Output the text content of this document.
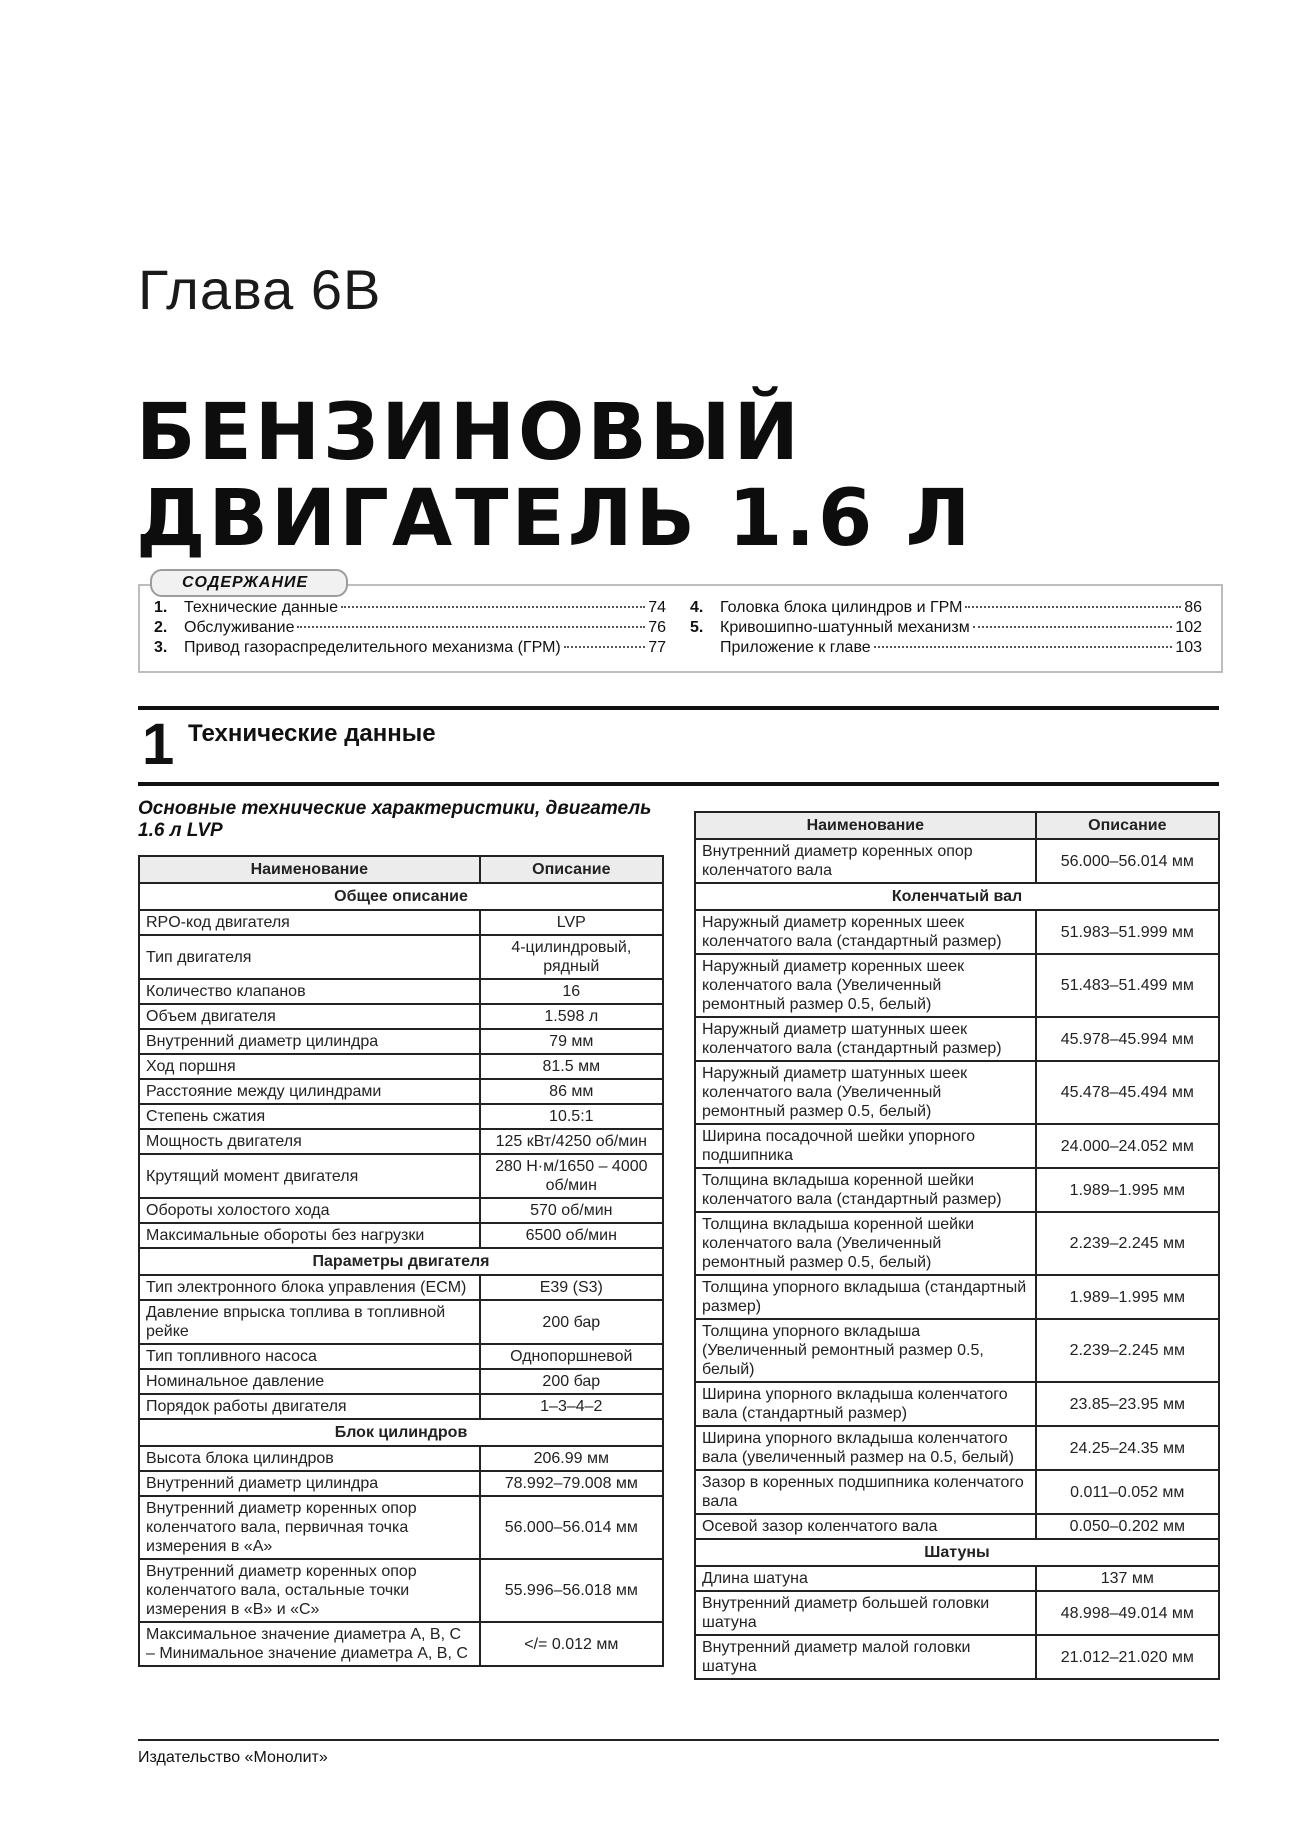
Глава 6В
БЕНЗИНОВЫЙ
ДВИГАТЕЛЬ 1.6 Л
СОДЕРЖАНИЕ
1.	Технические данные	74
2.	Обслуживание	76
3.	Привод газораспределительного механизма (ГРМ)	77
4.	Головка блока цилиндров и ГРМ	86
5.	Кривошипно-шатунный механизм	102
Приложение к главе	103
1 Технические данные
Основные технические характеристики, двигатель 1.6 л LVP
Наименование	Описание
Общее описание	
RPO-код двигателя	LVP
Тип двигателя	4-цилиндровый, рядный
Количество клапанов	16
Объем двигателя	1.598 л
Внутренний диаметр цилиндра	79 мм
Ход поршня	81.5 мм
Расстояние между цилиндрами	86 мм
Степень сжатия	10.5:1
Мощность двигателя	125 кВт/4250 об/мин
Крутящий момент двигателя	280 Н·м/1650 – 4000 об/мин
Обороты холостого хода	570 об/мин
Максимальные обороты без нагрузки	6500 об/мин
Параметры двигателя	
Тип электронного блока управления (ECM)	E39 (S3)
Давление впрыска топлива в топливной рейке	200 бар
Тип топливного насоса	Однопоршневой
Номинальное давление	200 бар
Порядок работы двигателя	1–3–4–2
Блок цилиндров	
Высота блока цилиндров	206.99 мм
Внутренний диаметр цилиндра	78.992–79.008 мм
Внутренний диаметр коренных опор коленчатого вала, первичная точка измерения в «А»	56.000–56.014 мм
Внутренний диаметр коренных опор коленчатого вала, остальные точки измерения в «В» и «С»	55.996–56.018 мм
Максимальное значение диаметра А, В, С – Минимальное значение диаметра А, В, С	</= 0.012 мм
Наименование	Описание
Внутренний диаметр коренных опор коленчатого вала	56.000–56.014 мм
Коленчатый вал	
Наружный диаметр коренных шеек коленчатого вала (стандартный размер)	51.983–51.999 мм
Наружный диаметр коренных шеек коленчатого вала (Увеличенный ремонтный размер 0.5, белый)	51.483–51.499 мм
Наружный диаметр шатунных шеек коленчатого вала (стандартный размер)	45.978–45.994 мм
Наружный диаметр шатунных шеек коленчатого вала (Увеличенный ремонтный размер 0.5, белый)	45.478–45.494 мм
Ширина посадочной шейки упорного подшипника	24.000–24.052 мм
Толщина вкладыша коренной шейки коленчатого вала (стандартный размер)	1.989–1.995 мм
Толщина вкладыша коренной шейки коленчатого вала (Увеличенный ремонтный размер 0.5, белый)	2.239–2.245 мм
Толщина упорного вкладыша (стандартный размер)	1.989–1.995 мм
Толщина упорного вкладыша (Увеличенный ремонтный размер 0.5, белый)	2.239–2.245 мм
Ширина упорного вкладыша коленчатого вала (стандартный размер)	23.85–23.95 мм
Ширина упорного вкладыша коленчатого вала (увеличенный размер на 0.5, белый)	24.25–24.35 мм
Зазор в коренных подшипника коленчатого вала	0.011–0.052 мм
Осевой зазор коленчатого вала	0.050–0.202 мм
Шатуны	
Длина шатуна	137 мм
Внутренний диаметр большей головки шатуна	48.998–49.014 мм
Внутренний диаметр малой головки шатуна	21.012–21.020 мм
Издательство «Монолит»
